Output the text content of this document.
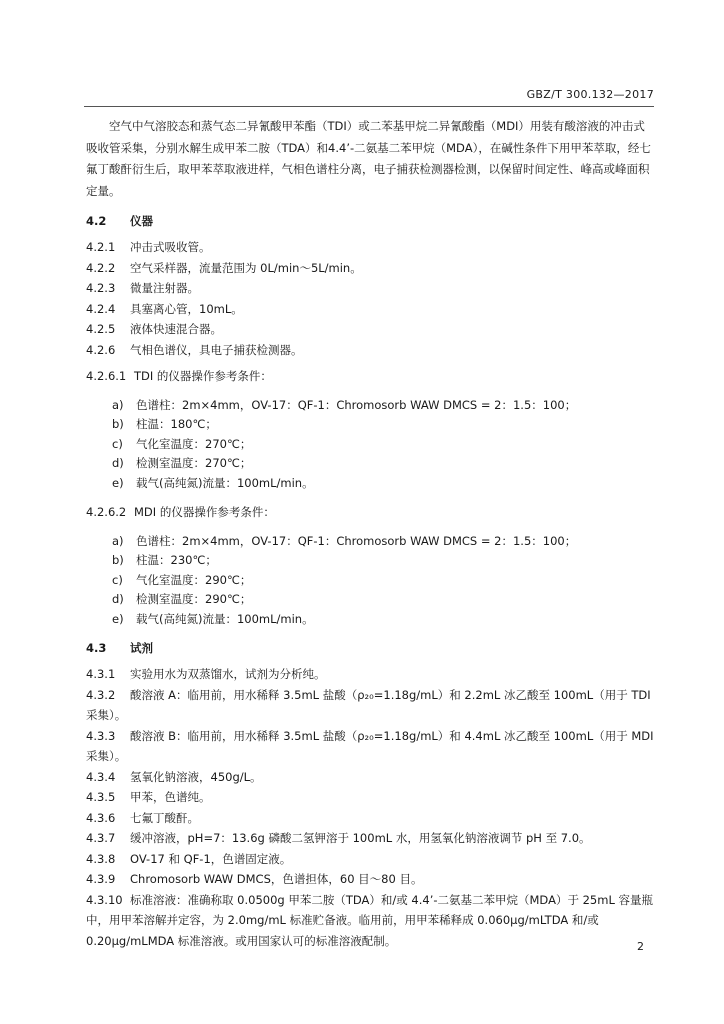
GBZ/T 300.132—2017

空气中气溶胶态和蒸气态二异氰酸甲苯酯（TDI）或二苯基甲烷二异氰酸酯（MDI）用装有酸溶液的冲击式吸收管采集，分别水解生成甲苯二胺（TDA）和4.4’-二氨基二苯甲烷（MDA），在碱性条件下用甲苯萃取，经七氟丁酸酐衍生后，取甲苯萃取液进样，气相色谱柱分离，电子捕获检测器检测，以保留时间定性、峰高或峰面积定量。

4.2 仪器

4.2.1 冲击式吸收管。

4.2.2 空气采样器，流量范围为 0L/min～5L/min。

4.2.3 微量注射器。

4.2.4 具塞离心管，10mL。

4.2.5 液体快速混合器。

4.2.6 气相色谱仪，具电子捕获检测器。

4.2.6.1 TDI 的仪器操作参考条件：

a) 色谱柱：2m×4mm，OV-17：QF-1：Chromosorb WAW DMCS = 2：1.5：100；

b) 柱温：180℃；

c) 气化室温度：270℃；

d) 检测室温度：270℃；

e) 载气(高纯氮)流量：100mL/min。

4.2.6.2 MDI 的仪器操作参考条件：

a) 色谱柱：2m×4mm，OV-17：QF-1：Chromosorb WAW DMCS = 2：1.5：100；

b) 柱温：230℃；

c) 气化室温度：290℃；

d) 检测室温度：290℃；

e) 载气(高纯氮)流量：100mL/min。

4.3 试剂

4.3.1 实验用水为双蒸馏水，试剂为分析纯。

4.3.2 酸溶液 A：临用前，用水稀释 3.5mL 盐酸（ρ₂₀=1.18g/mL）和 2.2mL 冰乙酸至 100mL（用于 TDI 采集）。

4.3.3 酸溶液 B：临用前，用水稀释 3.5mL 盐酸（ρ₂₀=1.18g/mL）和 4.4mL 冰乙酸至 100mL（用于 MDI 采集）。

4.3.4 氢氧化钠溶液，450g/L。

4.3.5 甲苯，色谱纯。

4.3.6 七氟丁酸酐。

4.3.7 缓冲溶液，pH=7：13.6g 磷酸二氢钾溶于 100mL 水，用氢氧化钠溶液调节 pH 至 7.0。

4.3.8 OV-17 和 QF-1，色谱固定液。

4.3.9 Chromosorb WAW DMCS，色谱担体，60 目～80 目。

4.3.10 标准溶液：准确称取 0.0500g 甲苯二胺（TDA）和/或 4.4’-二氨基二苯甲烷（MDA）于 25mL 容量瓶中，用甲苯溶解并定容，为 2.0mg/mL 标准贮备液。临用前，用甲苯稀释成 0.060μg/mLTDA 和/或 0.20μg/mLMDA 标准溶液。或用国家认可的标准溶液配制。	2
